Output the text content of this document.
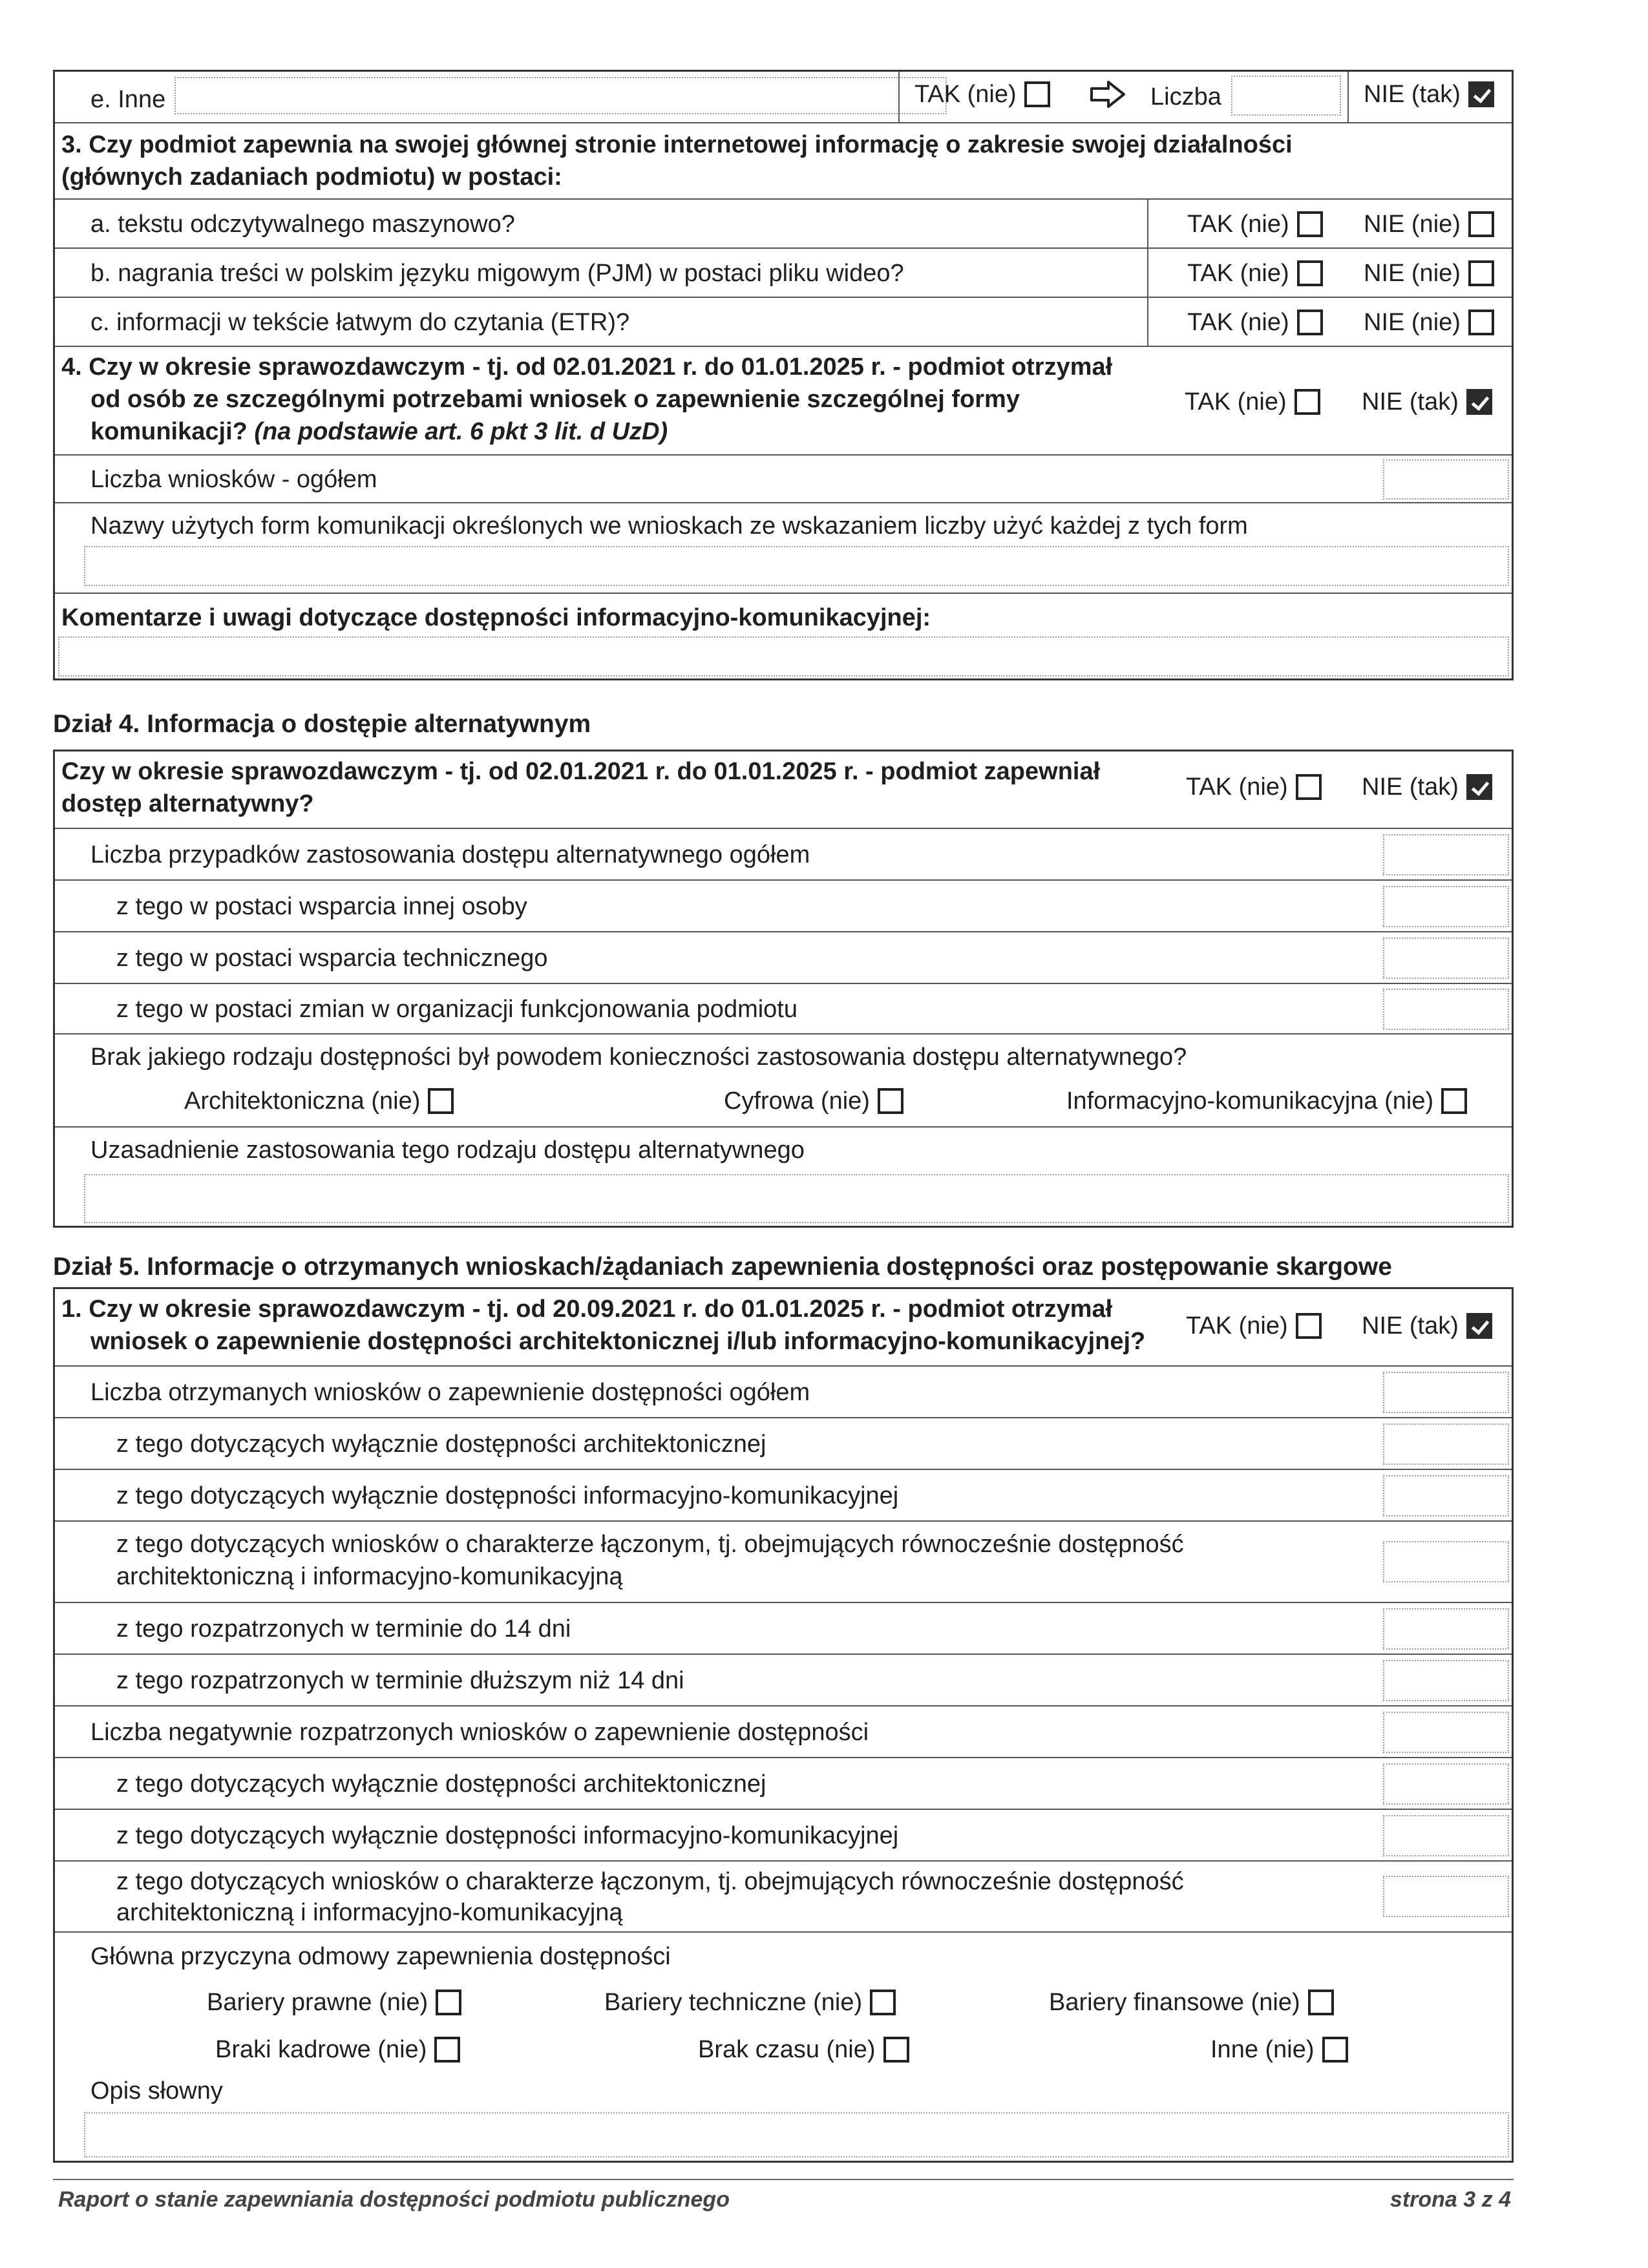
e. Inne	TAK (nie)	Liczba	NIE (tak)
3. Czy podmiot zapewnia na swojej głównej stronie internetowej informację o zakresie swojej działalności
(głównych zadaniach podmiotu) w postaci:
a. tekstu odczytywalnego maszynowo?	TAK (nie)	NIE (nie)
b. nagrania treści w polskim języku migowym (PJM) w postaci pliku wideo?	TAK (nie)	NIE (nie)
c. informacji w tekście łatwym do czytania (ETR)?	TAK (nie)	NIE (nie)
4. Czy w okresie sprawozdawczym - tj. od 02.01.2021 r. do 01.01.2025 r. - podmiot otrzymał
od osób ze szczególnymi potrzebami wniosek o zapewnienie szczególnej formy
komunikacji? (na podstawie art. 6 pkt 3 lit. d UzD)
TAK (nie)	NIE (tak)
Liczba wniosków - ogółem
Nazwy użytych form komunikacji określonych we wnioskach ze wskazaniem liczby użyć każdej z tych form
Komentarze i uwagi dotyczące dostępności informacyjno-komunikacyjnej:
Dział 4. Informacja o dostępie alternatywnym
Czy w okresie sprawozdawczym - tj. od 02.01.2021 r. do 01.01.2025 r. - podmiot zapewniał
dostęp alternatywny?
TAK (nie)	NIE (tak)
Liczba przypadków zastosowania dostępu alternatywnego ogółem
z tego w postaci wsparcia innej osoby
z tego w postaci wsparcia technicznego
z tego w postaci zmian w organizacji funkcjonowania podmiotu
Brak jakiego rodzaju dostępności był powodem konieczności zastosowania dostępu alternatywnego?
Architektoniczna (nie)	Cyfrowa (nie)	Informacyjno-komunikacyjna (nie)
Uzasadnienie zastosowania tego rodzaju dostępu alternatywnego
Dział 5. Informacje o otrzymanych wnioskach/żądaniach zapewnienia dostępności oraz postępowanie skargowe
1. Czy w okresie sprawozdawczym - tj. od 20.09.2021 r. do 01.01.2025 r. - podmiot otrzymał
wniosek o zapewnienie dostępności architektonicznej i/lub informacyjno-komunikacyjnej?
TAK (nie)	NIE (tak)
Liczba otrzymanych wniosków o zapewnienie dostępności ogółem
z tego dotyczących wyłącznie dostępności architektonicznej
z tego dotyczących wyłącznie dostępności informacyjno-komunikacyjnej
z tego dotyczących wniosków o charakterze łączonym, tj. obejmujących równocześnie dostępność
architektoniczną i informacyjno-komunikacyjną
z tego rozpatrzonych w terminie do 14 dni
z tego rozpatrzonych w terminie dłuższym niż 14 dni
Liczba negatywnie rozpatrzonych wniosków o zapewnienie dostępności
z tego dotyczących wyłącznie dostępności architektonicznej
z tego dotyczących wyłącznie dostępności informacyjno-komunikacyjnej
z tego dotyczących wniosków o charakterze łączonym, tj. obejmujących równocześnie dostępność
architektoniczną i informacyjno-komunikacyjną
Główna przyczyna odmowy zapewnienia dostępności
Bariery prawne (nie)	Bariery techniczne (nie)	Bariery finansowe (nie)
Braki kadrowe (nie)	Brak czasu (nie)	Inne (nie)
Opis słowny
Raport o stanie zapewniania dostępności podmiotu publicznego	strona 3 z 4
